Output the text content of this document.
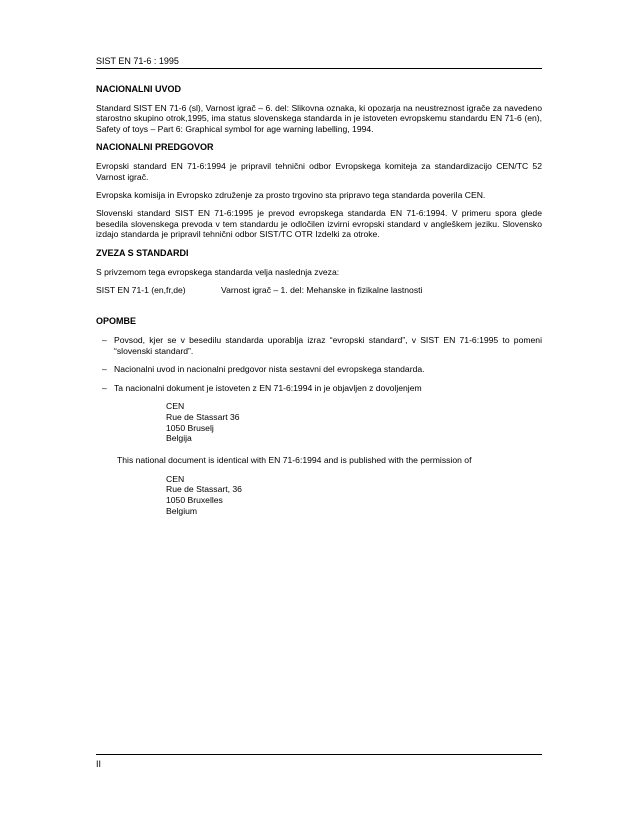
SIST EN 71-6 : 1995
NACIONALNI UVOD

Standard SIST EN 71-6 (sl), Varnost igrač – 6. del: Slikovna oznaka, ki opozarja na neustreznost igrače za navedeno starostno skupino otrok,1995, ima status slovenskega standarda in je istoveten evropskemu standardu EN 71-6 (en), Safety of toys – Part 6: Graphical symbol for age warning labelling, 1994.

NACIONALNI PREDGOVOR

Evropski standard EN 71-6:1994 je pripravil tehnični odbor Evropskega komiteja za standardizacijo CEN/TC 52 Varnost igrač.

Evropska komisija in Evropsko združenje za prosto trgovino sta pripravo tega standarda poverila CEN.

Slovenski standard SIST EN 71-6:1995 je prevod evropskega standarda EN 71-6:1994. V primeru spora glede besedila slovenskega prevoda v tem standardu je odločilen izvirni evropski standard v angleškem jeziku. Slovensko izdajo standarda je pripravil tehnični odbor SIST/TC OTR Izdelki za otroke.

ZVEZA S STANDARDI

S privzemom tega evropskega standarda velja naslednja zveza:

SIST EN 71-1 (en,fr,de)	Varnost igrač – 1. del: Mehanske in fizikalne lastnosti
OPOMBE
– Povsod, kjer se v besedilu standarda uporablja izraz “evropski standard”, v SIST EN 71-6:1995 to pomeni “slovenski standard”.
– Nacionalni uvod in nacionalni predgovor nista sestavni del evropskega standarda.
– Ta nacionalni dokument je istoveten z EN 71-6:1994 in je objavljen z dovoljenjem
CEN
Rue de Stassart 36
1050 Bruselj
Belgija

This national document is identical with EN 71-6:1994 and is published with the permission of

CEN
Rue de Stassart, 36
1050 Bruxelles
Belgium
II
